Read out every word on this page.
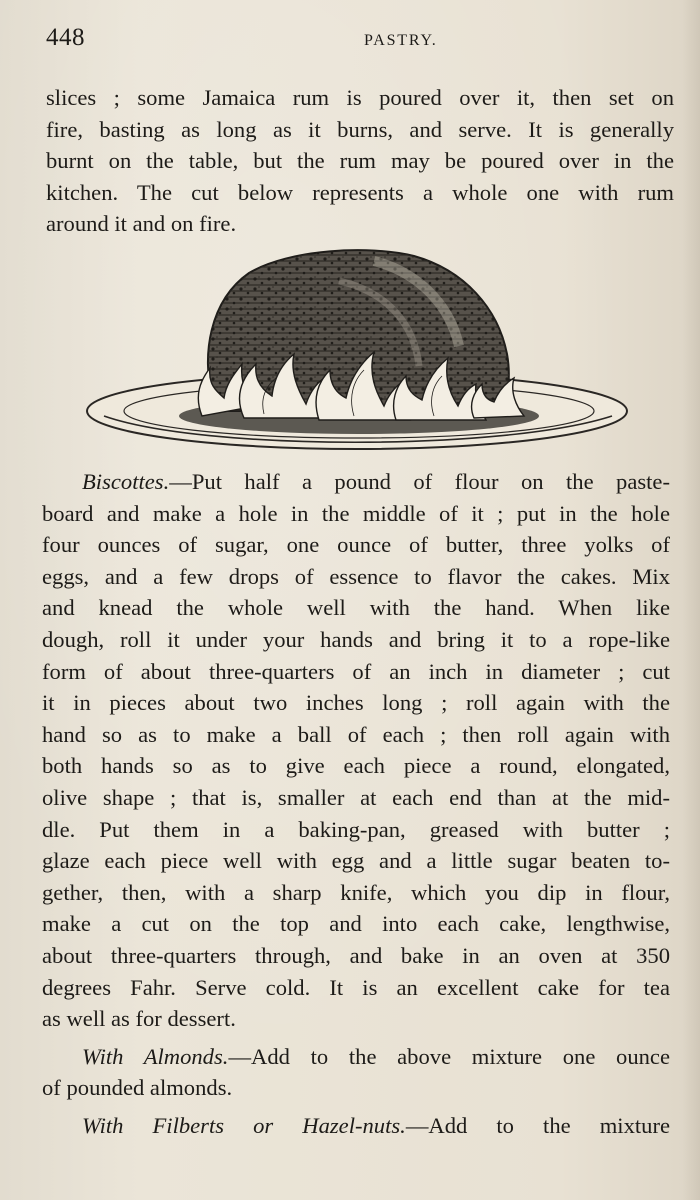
448	PASTRY.
slices ; some Jamaica rum is poured over it, then set on
fire, basting as long as it burns, and serve. It is generally
burnt on the table, but the rum may be poured over in the
kitchen. The cut below represents a whole one with rum
around it and on fire.
Biscottes.—Put half a pound of flour on the paste-
board and make a hole in the middle of it ; put in the hole
four ounces of sugar, one ounce of butter, three yolks of
eggs, and a few drops of essence to flavor the cakes. Mix
and knead the whole well with the hand. When like
dough, roll it under your hands and bring it to a rope-like
form of about three-quarters of an inch in diameter ; cut
it in pieces about two inches long ; roll again with the
hand so as to make a ball of each ; then roll again with
both hands so as to give each piece a round, elongated,
olive shape ; that is, smaller at each end than at the mid-
dle. Put them in a baking-pan, greased with butter ;
glaze each piece well with egg and a little sugar beaten to-
gether, then, with a sharp knife, which you dip in flour,
make a cut on the top and into each cake, lengthwise,
about three-quarters through, and bake in an oven at 350
degrees Fahr. Serve cold. It is an excellent cake for tea
as well as for dessert.
With Almonds.—Add to the above mixture one ounce
of pounded almonds.
With Filberts or Hazel-nuts.—Add to the mixture
